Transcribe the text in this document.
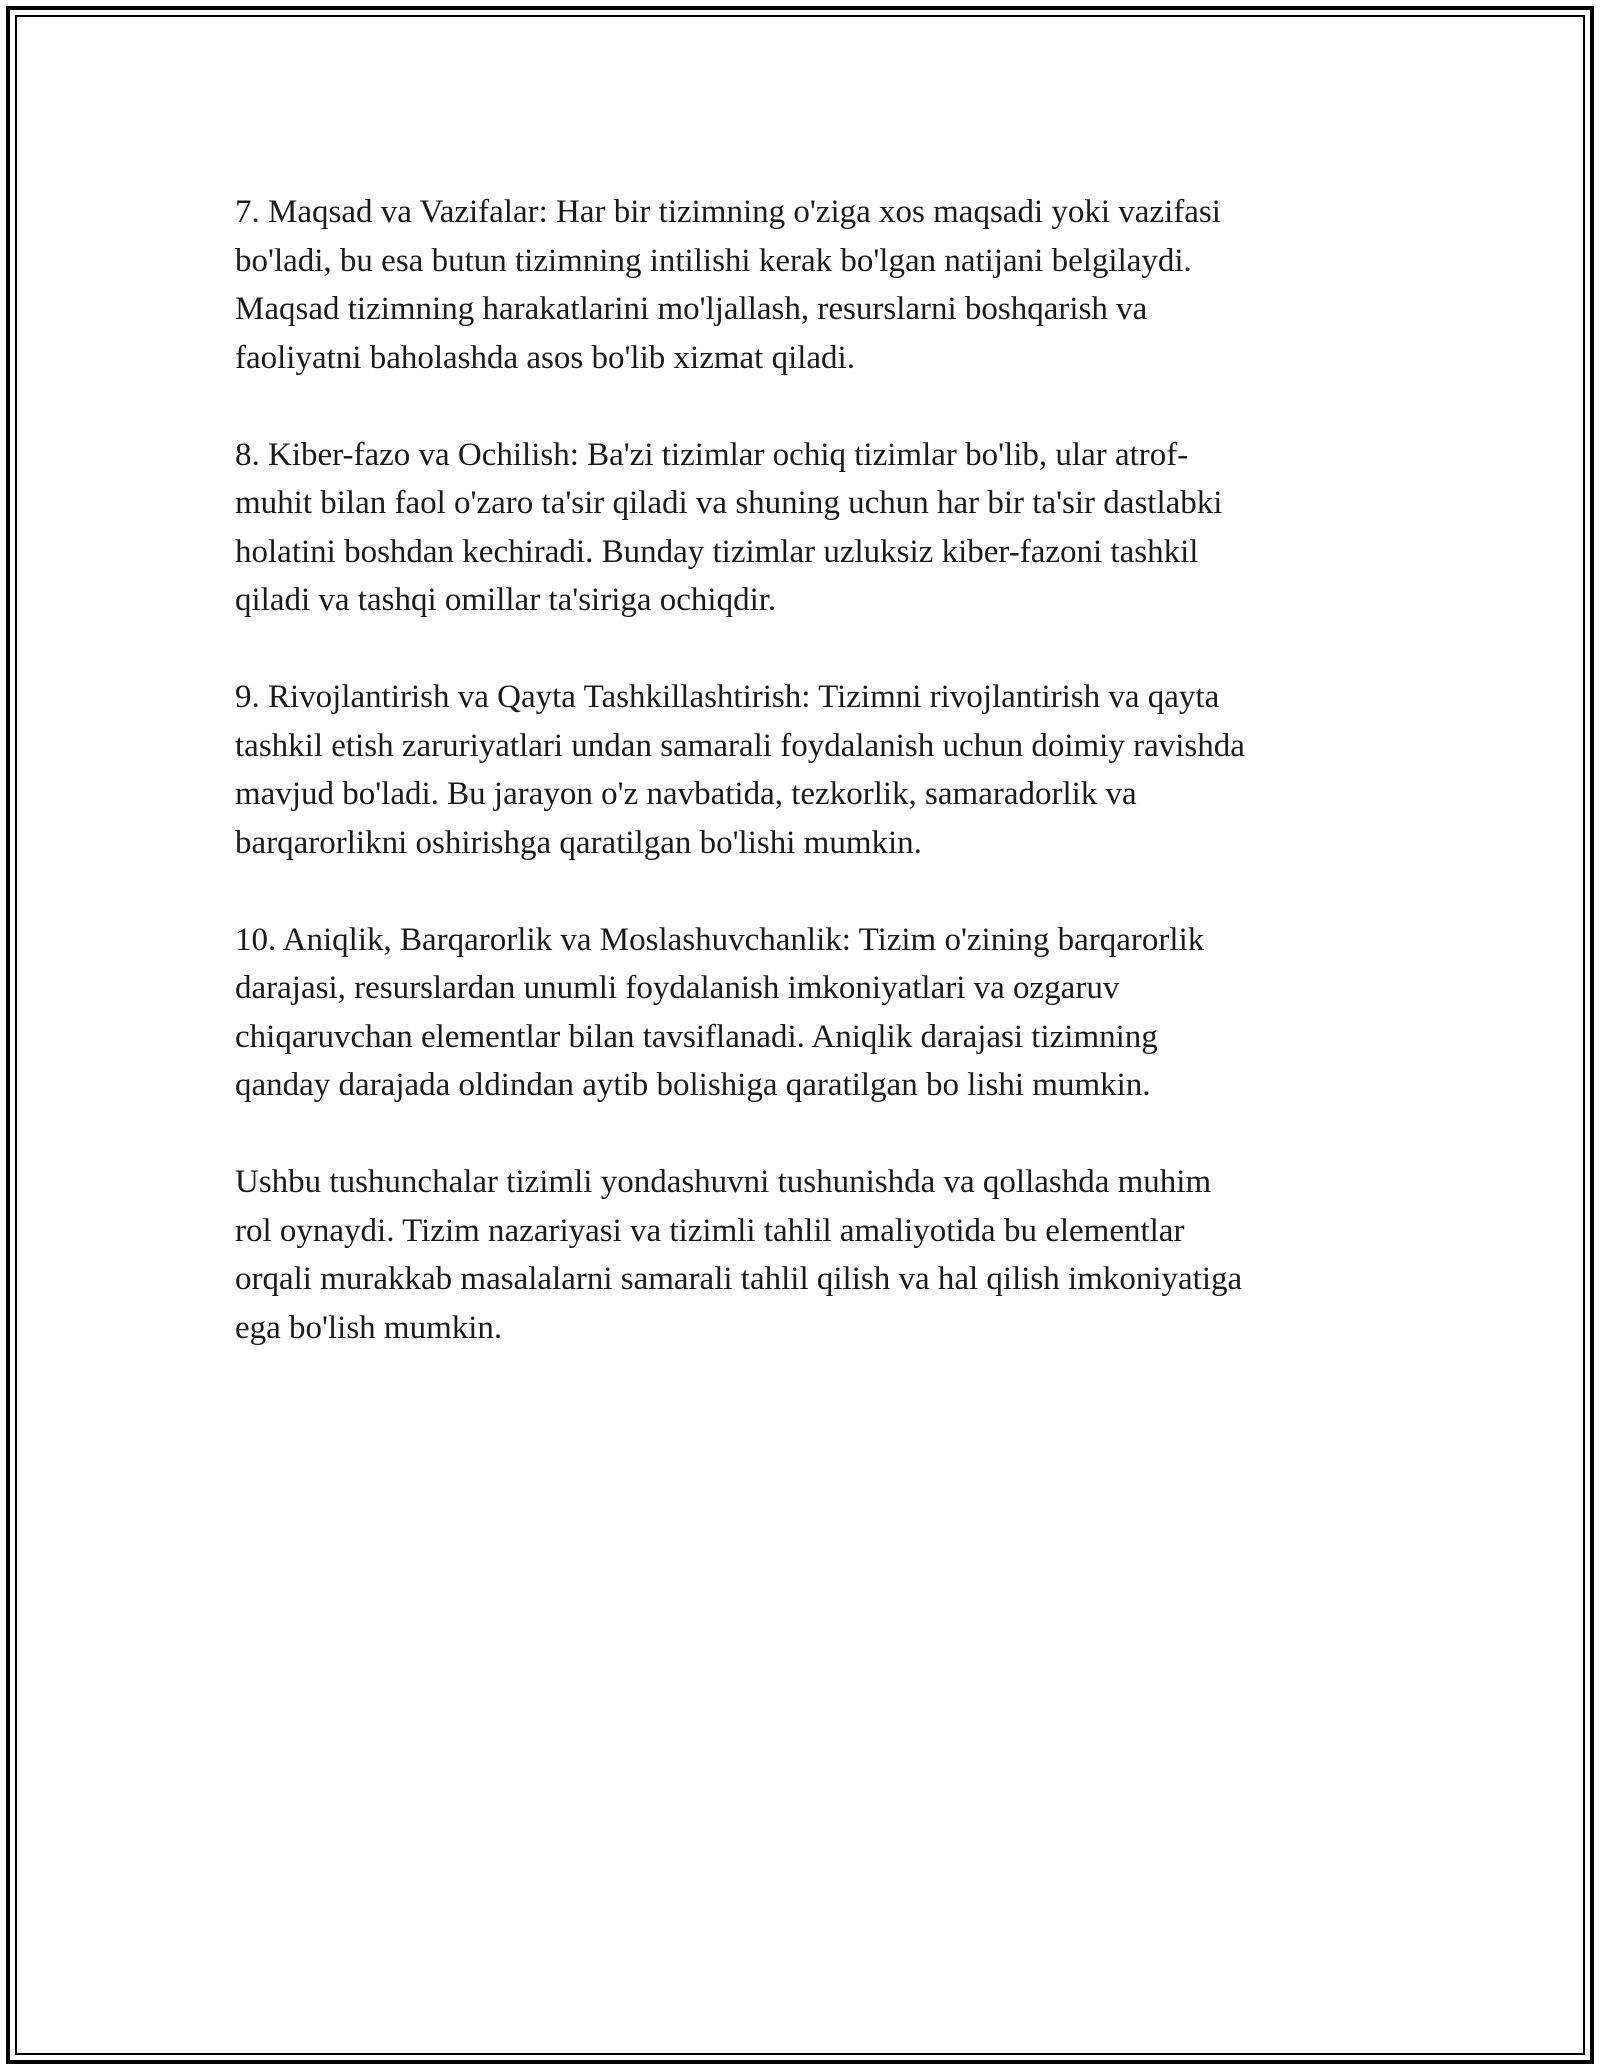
7. Maqsad va Vazifalar: Har bir tizimning o'ziga xos maqsadi yoki vazifasi
bo'ladi, bu esa butun tizimning intilishi kerak bo'lgan natijani belgilaydi.
Maqsad tizimning harakatlarini mo'ljallash, resurslarni boshqarish va
faoliyatni baholashda asos bo'lib xizmat qiladi.

8. Kiber-fazo va Ochilish: Ba'zi tizimlar ochiq tizimlar bo'lib, ular atrof-
muhit bilan faol o'zaro ta'sir qiladi va shuning uchun har bir ta'sir dastlabki
holatini boshdan kechiradi. Bunday tizimlar uzluksiz kiber-fazoni tashkil
qiladi va tashqi omillar ta'siriga ochiqdir.

9. Rivojlantirish va Qayta Tashkillashtirish: Tizimni rivojlantirish va qayta
tashkil etish zaruriyatlari undan samarali foydalanish uchun doimiy ravishda
mavjud bo'ladi. Bu jarayon o'z navbatida, tezkorlik, samaradorlik va
barqarorlikni oshirishga qaratilgan bo'lishi mumkin.

10. Aniqlik, Barqarorlik va Moslashuvchanlik: Tizim o'zining barqarorlik
darajasi, resurslardan unumli foydalanish imkoniyatlari va ozgaruv
chiqaruvchan elementlar bilan tavsiflanadi. Aniqlik darajasi tizimning
qanday darajada oldindan aytib bolishiga qaratilgan bo lishi mumkin.

Ushbu tushunchalar tizimli yondashuvni tushunishda va qollashda muhim
rol oynaydi. Tizim nazariyasi va tizimli tahlil amaliyotida bu elementlar
orqali murakkab masalalarni samarali tahlil qilish va hal qilish imkoniyatiga
ega bo'lish mumkin.
